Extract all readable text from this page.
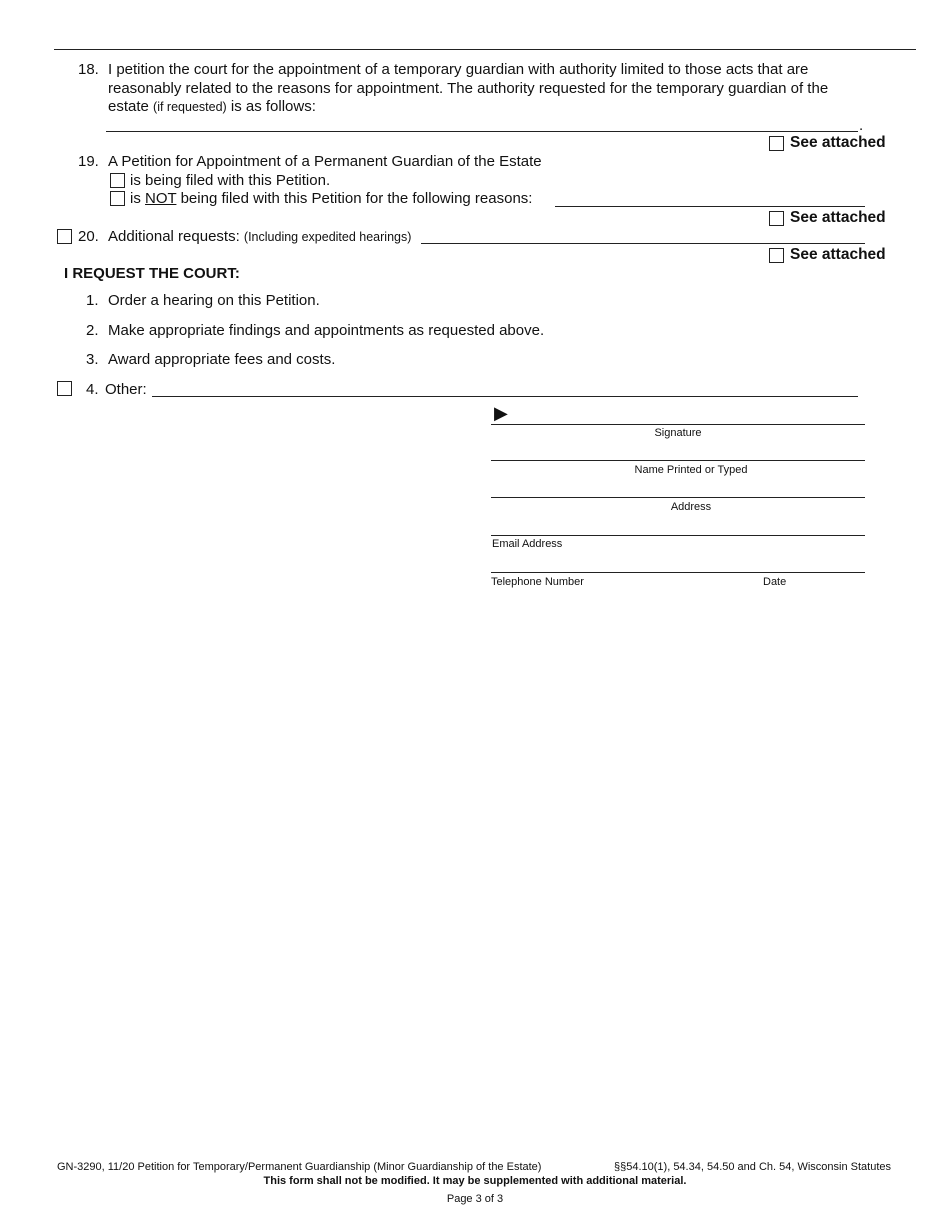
18. I petition the court for the appointment of a temporary guardian with authority limited to those acts that are
reasonably related to the reasons for appointment. The authority requested for the temporary guardian of the
estate (if requested) is as follows:
.
See attached
19. A Petition for Appointment of a Permanent Guardian of the Estate
is being filed with this Petition.
is NOT being filed with this Petition for the following reasons:
See attached
20. Additional requests: (Including expedited hearings)
See attached
I REQUEST THE COURT:
1. Order a hearing on this Petition.
2. Make appropriate findings and appointments as requested above.
3. Award appropriate fees and costs.
4. Other:
▶
Signature
Name Printed or Typed
Address
Email Address
Telephone Number	Date
GN-3290, 11/20 Petition for Temporary/Permanent Guardianship (Minor Guardianship of the Estate)	§§54.10(1), 54.34, 54.50 and Ch. 54, Wisconsin Statutes
This form shall not be modified. It may be supplemented with additional material.
Page 3 of 3
